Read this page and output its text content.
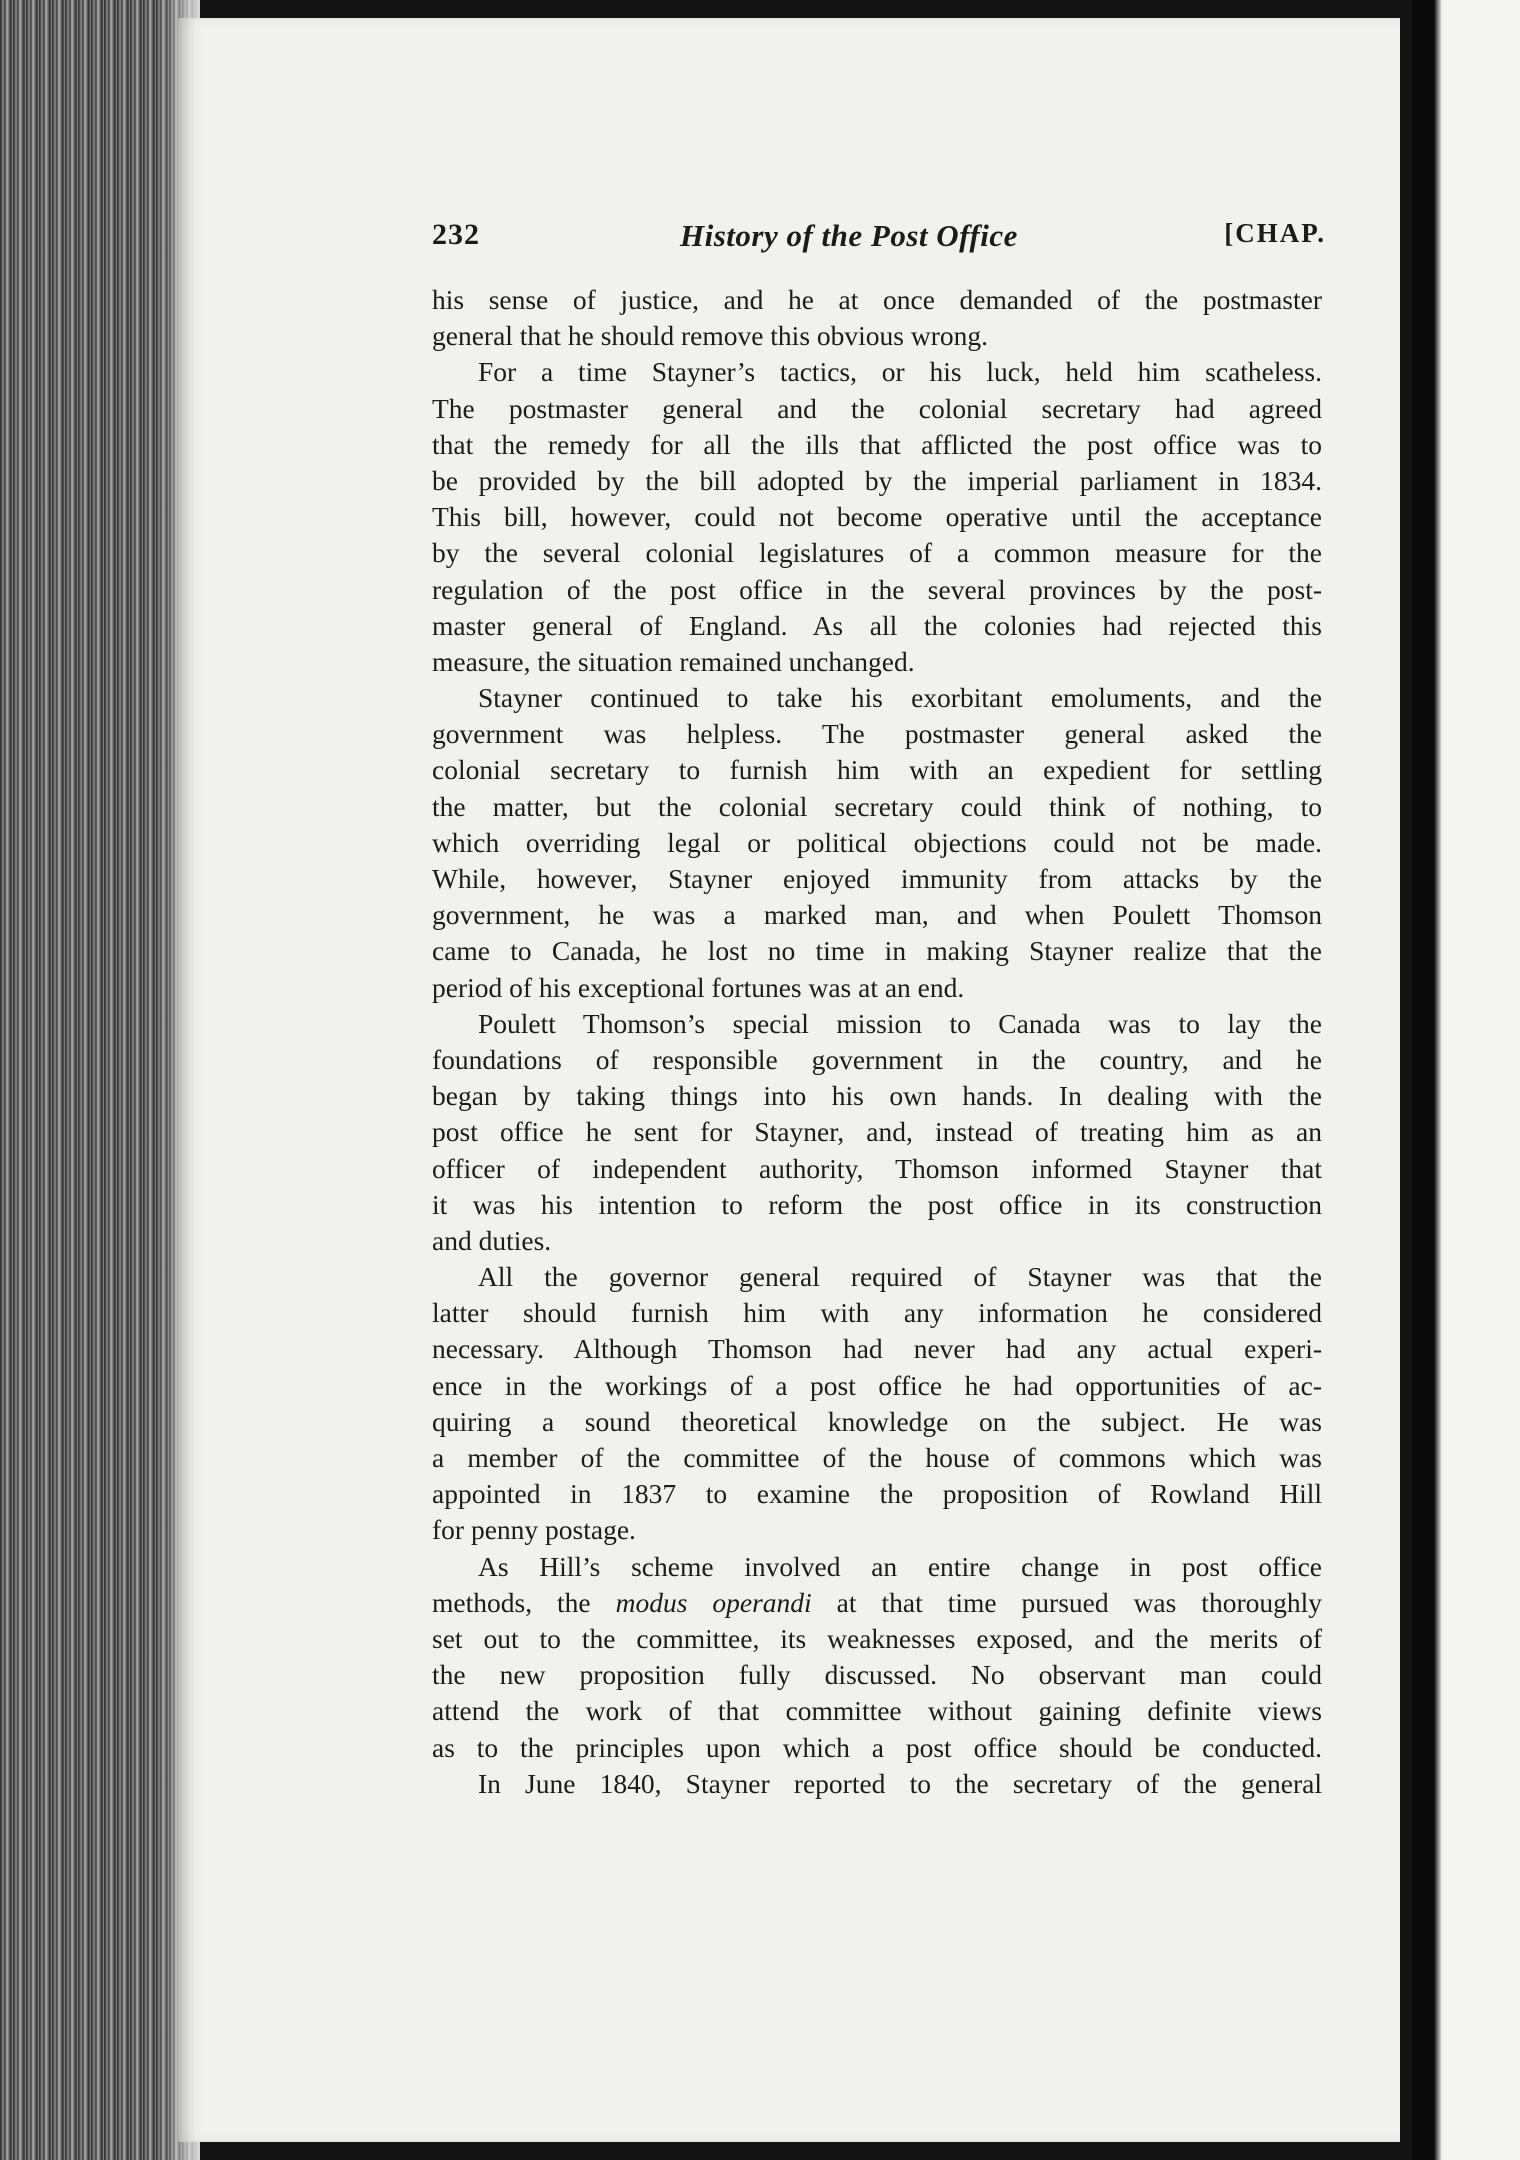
232	History of the Post Office	[CHAP.
his sense of justice, and he at once demanded of the postmaster
general that he should remove this obvious wrong.
For a time Stayner’s tactics, or his luck, held him scatheless.
The postmaster general and the colonial secretary had agreed
that the remedy for all the ills that afflicted the post office was to
be provided by the bill adopted by the imperial parliament in 1834.
This bill, however, could not become operative until the acceptance
by the several colonial legislatures of a common measure for the
regulation of the post office in the several provinces by the post-
master general of England. As all the colonies had rejected this
measure, the situation remained unchanged.
Stayner continued to take his exorbitant emoluments, and the
government was helpless. The postmaster general asked the
colonial secretary to furnish him with an expedient for settling
the matter, but the colonial secretary could think of nothing, to
which overriding legal or political objections could not be made.
While, however, Stayner enjoyed immunity from attacks by the
government, he was a marked man, and when Poulett Thomson
came to Canada, he lost no time in making Stayner realize that the
period of his exceptional fortunes was at an end.
Poulett Thomson’s special mission to Canada was to lay the
foundations of responsible government in the country, and he
began by taking things into his own hands. In dealing with the
post office he sent for Stayner, and, instead of treating him as an
officer of independent authority, Thomson informed Stayner that
it was his intention to reform the post office in its construction
and duties.
All the governor general required of Stayner was that the
latter should furnish him with any information he considered
necessary. Although Thomson had never had any actual experi-
ence in the workings of a post office he had opportunities of ac-
quiring a sound theoretical knowledge on the subject. He was
a member of the committee of the house of commons which was
appointed in 1837 to examine the proposition of Rowland Hill
for penny postage.
As Hill’s scheme involved an entire change in post office
methods, the modus operandi at that time pursued was thoroughly
set out to the committee, its weaknesses exposed, and the merits of
the new proposition fully discussed. No observant man could
attend the work of that committee without gaining definite views
as to the principles upon which a post office should be conducted.
In June 1840, Stayner reported to the secretary of the general
